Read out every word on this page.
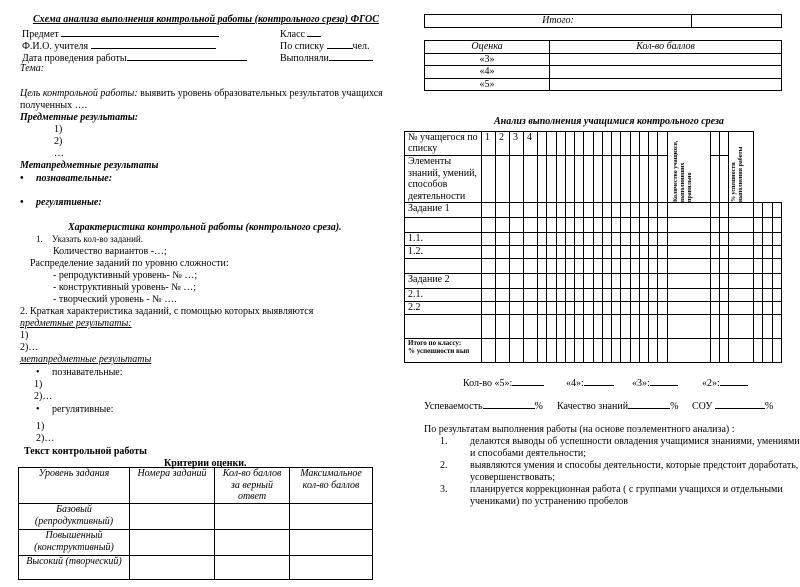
Схема анализа выполнения контрольной работы (контрольного среза) ФГОС
Предмет	Класс
Ф.И.О. учителя	По списку	чел.
Дата проведения работы	Выполняли
Тема:
Цель контрольной работы: выявить уровень образовательных результатов учащихся
полученных ….
Предметные результаты:
1)
2)
…
Метапредметные результаты
• познавательные:
• регулятивные:
Характеристика контрольной работы (контрольного среза).
1. Указать кол-во заданий.
Количество вариантов -…;
Распределение заданий по уровню сложности:
- репродуктивный уровень- № …;
- конструктивный уровень- № …;
- творческий уровень - № ….
2. Краткая характеристика заданий, с помощью которых выявляются
предметные результаты:
1)
2)…
метапредметные результаты
• познавательные:
1)
2)…
• регулятивные:
1)
2)…
Текст контрольной работы
Критерии оценки.
Уровень задания	Номера заданий	Кол-во баллов за верный ответ	Максимальное кол-во баллов
Базовый (репродуктивный)			
Повышенный (конструктивный)			
Высокий (творческий)			
Итого:	
Оценка	Кол-во баллов
«3»	
«4»	
«5»	
Анализ выполнения учащимися контрольного среза
№ учащегося по списку	1	2	3	4															Количество учащихся, выполнивших правильно			% успешности выполнения работы			

Элементы знаний, умений, способов деятельности																									
Задание 1																									

1.1.																									
1.2.																									

Задание 2																									
2.1.																									
2.2																									

Итого по классу:
% успешности вып																									

Кол-во «5»:	«4»:	«3»:	«2»:
Успеваемость	% Качество знаний	% СОУ	%
По результатам выполнения работы (на основе поэлементного анализа) :
1. делаются выводы об успешности овладения учащимися знаниями, умениями
и способами деятельности;
2. выявляются умения и способы деятельности, которые предстоит доработать,
усовершенствовать;
3. планируется коррекционная работа ( с группами учащихся и отдельными
учениками) по устранению пробелов
